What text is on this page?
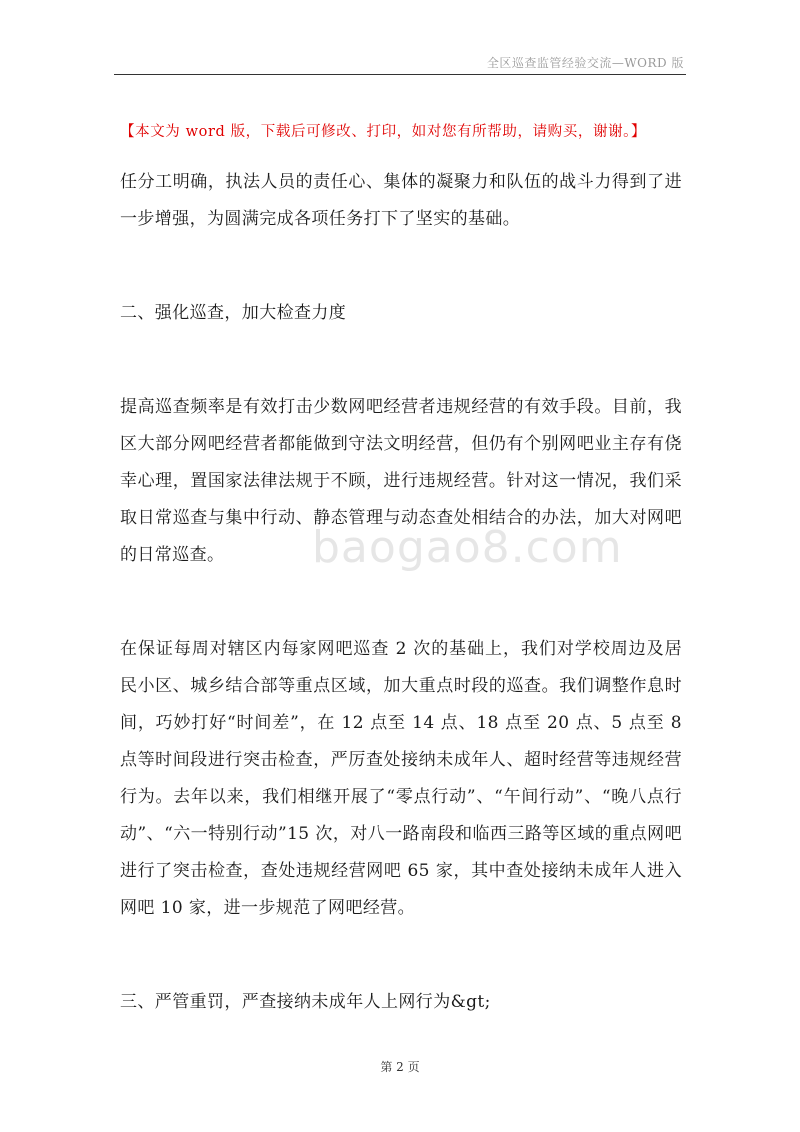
全区巡查监管经验交流—WORD 版
【本文为 word 版，下载后可修改、打印，如对您有所帮助，请购买，谢谢。】

任分工明确，执法人员的责任心、集体的凝聚力和队伍的战斗力得到了进一步增强，为圆满完成各项任务打下了坚实的基础。

二、强化巡查，加大检查力度

提高巡查频率是有效打击少数网吧经营者违规经营的有效手段。目前，我区大部分网吧经营者都能做到守法文明经营，但仍有个别网吧业主存有侥幸心理，置国家法律法规于不顾，进行违规经营。针对这一情况，我们采取日常巡查与集中行动、静态管理与动态查处相结合的办法，加大对网吧的日常巡查。

在保证每周对辖区内每家网吧巡查 2 次的基础上，我们对学校周边及居民小区、城乡结合部等重点区域，加大重点时段的巡查。我们调整作息时间，巧妙打好“时间差”，在 12 点至 14 点、18 点至 20 点、5 点至 8 点等时间段进行突击检查，严厉查处接纳未成年人、超时经营等违规经营行为。去年以来，我们相继开展了“零点行动”、“午间行动”、“晚八点行动”、“六一特别行动”15 次，对八一路南段和临西三路等区域的重点网吧进行了突击检查，查处违规经营网吧 65 家，其中查处接纳未成年人进入网吧 10 家，进一步规范了网吧经营。

三、严管重罚，严查接纳未成年人上网行为&gt;

baogao8.com
第 2 页
